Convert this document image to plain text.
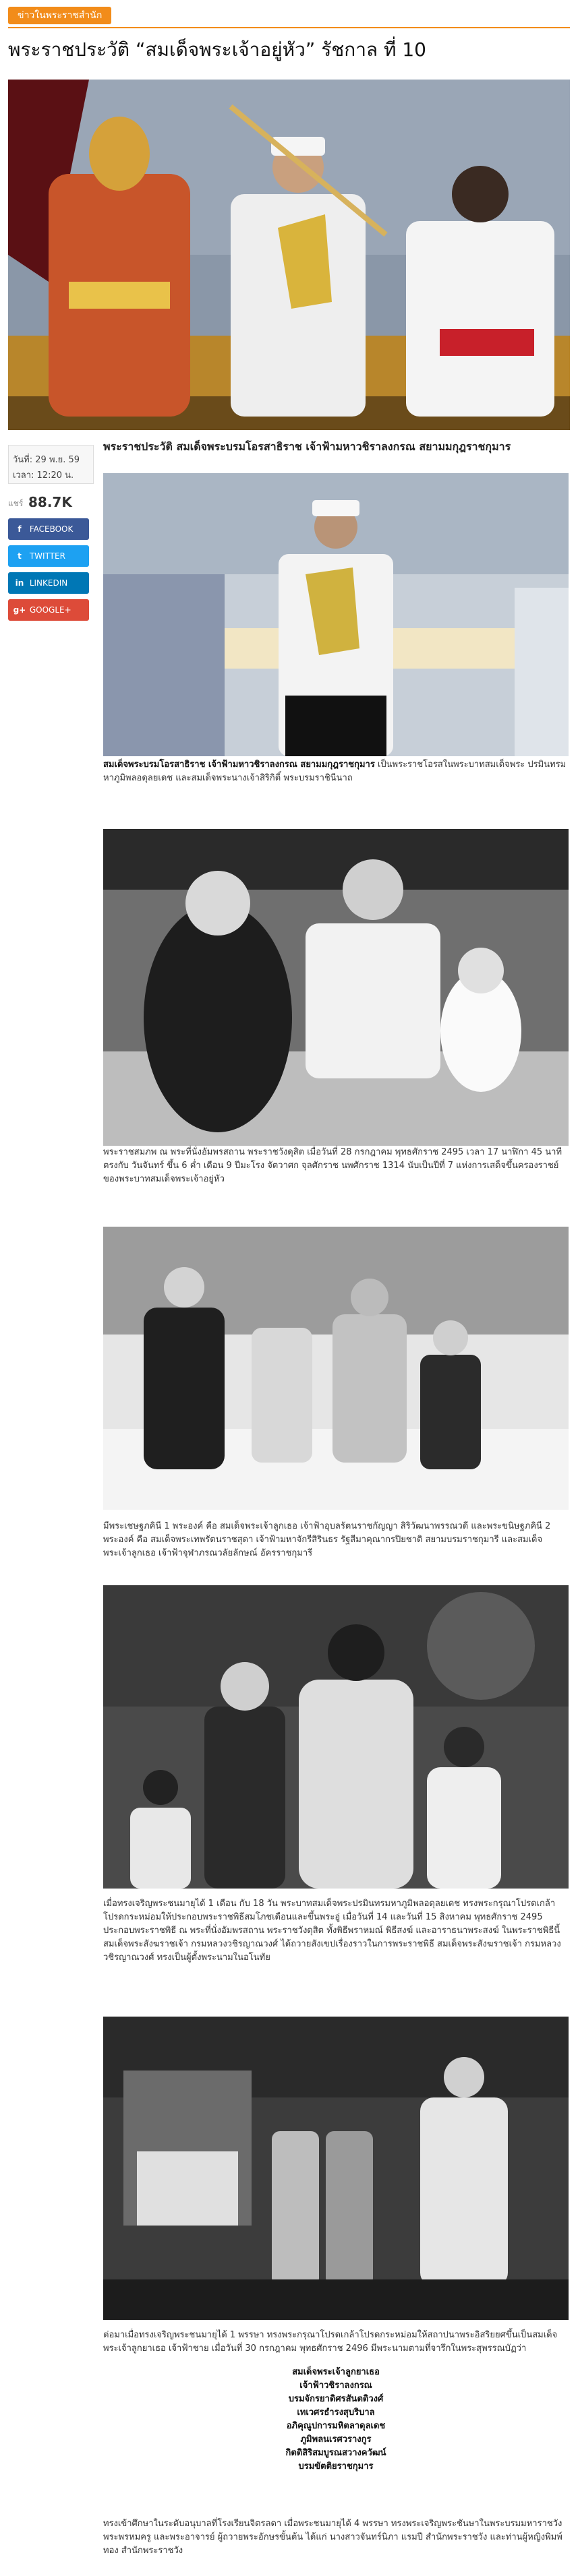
ข่าวในพระราชสำนัก
พระราชประวัติ “สมเด็จพระเจ้าอยู่หัว” รัชกาล ที่ 10
พระราชประวัติ สมเด็จพระบรมโอรสาธิราช เจ้าฟ้ามหาวชิราลงกรณ สยามมกุฎราชกุมาร
วันที่: 29 พ.ย. 59
เวลา: 12:20 น.
แชร์ 88.7K
f FACEBOOK
t TWITTER
in LINKEDIN
g+ GOOGLE+
สมเด็จพระบรมโอรสาธิราช เจ้าฟ้ามหาวชิราลงกรณ สยามมกุฎราชกุมาร เป็นพระราชโอรสในพระบาทสมเด็จพระ ปรมินทรมหาภูมิพลอดุลยเดช และสมเด็จพระนางเจ้าสิริกิติ์ พระบรมราชินีนาถ
พระราชสมภพ ณ พระที่นั่งอัมพรสถาน พระราชวังดุสิต เมื่อวันที่ 28 กรกฎาคม พุทธศักราช 2495 เวลา 17 นาฬิกา 45 นาที ตรงกับ วันจันทร์ ขึ้น 6 ค่ำ เดือน 9 ปีมะโรง จัตวาศก จุลศักราช นพศักราช 1314 นับเป็นปีที่ 7 แห่งการเสด็จขึ้นครองราชย์ของพระบาทสมเด็จพระเจ้าอยู่หัว
มีพระเชษฐภคินี 1 พระองค์ คือ สมเด็จพระเจ้าลูกเธอ เจ้าฟ้าอุบลรัตนราชกัญญา สิริวัฒนาพรรณวดี และพระขนิษฐภคินี 2 พระองค์ คือ สมเด็จพระเทพรัตนราชสุดา เจ้าฟ้ามหาจักรีสิรินธร รัฐสีมาคุณากรปิยชาติ สยามบรมราชกุมารี และสมเด็จพระเจ้าลูกเธอ เจ้าฟ้าจุฬาภรณวลัยลักษณ์ อัครราชกุมารี
เมื่อทรงเจริญพระชนมายุได้ 1 เดือน กับ 18 วัน พระบาทสมเด็จพระปรมินทรมหาภูมิพลอดุลยเดช ทรงพระกรุณาโปรดเกล้าโปรดกระหม่อมให้ประกอบพระราชพิธีสมโภชเดือนและขึ้นพระอู่ เมื่อวันที่ 14 และวันที่ 15 สิงหาคม พุทธศักราช 2495 ประกอบพระราชพิธี ณ พระที่นั่งอัมพรสถาน พระราชวังดุสิต ทั้งพิธีพราหมณ์ พิธีสงฆ์ และอาราธนาพระสงฆ์ ในพระราชพิธีนี้ สมเด็จพระสังฆราชเจ้า กรมหลวงวชิรญาณวงศ์ ได้ถวายสังเขปเรื่องราวในการพระราชพิธี สมเด็จพระสังฆราชเจ้า กรมหลวงวชิรญาณวงศ์ ทรงเป็นผู้ตั้งพระนามในอโนทัย
ต่อมาเมื่อทรงเจริญพระชนมายุได้ 1 พรรษา ทรงพระกรุณาโปรดเกล้าโปรดกระหม่อมให้สถาปนาพระอิสริยยศขึ้นเป็นสมเด็จพระเจ้าลูกยาเธอ เจ้าฟ้าชาย เมื่อวันที่ 30 กรกฎาคม พุทธศักราช 2496 มีพระนามตามที่จารึกในพระสุพรรณบัฏว่า
สมเด็จพระเจ้าลูกยาเธอ
เจ้าฟ้าวชิราลงกรณ
บรมจักรยาดิศรสันตติวงศ์
เทเวศรธำรงสุบริบาล
อภิคุณูปการมหิตลาดุลเดช
ภูมิพลนเรศวรางกูร
กิตติสิริสมบูรณสวางควัฒน์
บรมขัตติยราชกุมาร
ทรงเข้าศึกษาในระดับอนุบาลที่โรงเรียนจิตรลดา เมื่อพระชนมายุได้ 4 พรรษา ทรงพระเจริญพระชันษาในพระบรมมหาราชวัง พระพรหมครู และพระอาจารย์ ผู้ถวายพระอักษรขั้นต้น ได้แก่ นางสาวจันทร์นิภา แรมปี สำนักพระราชวัง และท่านผู้หญิงพิมพ์ทอง สำนักพระราชวัง
